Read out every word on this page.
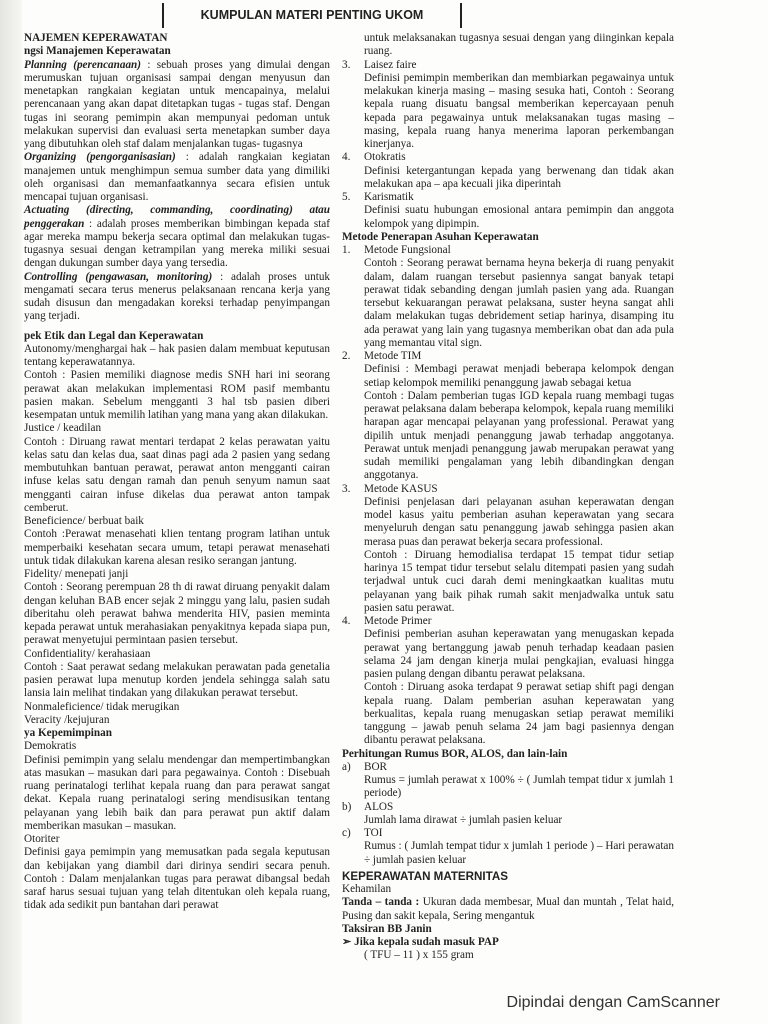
KUMPULAN MATERI PENTING UKOM

NAJEMEN KEPERAWATAN

ngsi Manajemen Keperawatan

Planning (perencanaan) : sebuah proses yang dimulai dengan merumuskan tujuan organisasi sampai dengan menyusun dan menetapkan rangkaian kegiatan untuk mencapainya, melalui perencanaan yang akan dapat ditetapkan tugas - tugas staf. Dengan tugas ini seorang pemimpin akan mempunyai pedoman untuk melakukan supervisi dan evaluasi serta menetapkan sumber daya yang dibutuhkan oleh staf dalam menjalankan tugas- tugasnya

Organizing (pengorganisasian) : adalah rangkaian kegiatan manajemen untuk menghimpun semua sumber data yang dimiliki oleh organisasi dan memanfaatkannya secara efisien untuk mencapai tujuan organisasi.

Actuating (directing, commanding, coordinating) atau penggerakan : adalah proses memberikan bimbingan kepada staf agar mereka mampu bekerja secara optimal dan melakukan tugas- tugasnya sesuai dengan ketrampilan yang mereka miliki sesuai dengan dukungan sumber daya yang tersedia.

Controlling (pengawasan, monitoring) : adalah proses untuk mengamati secara terus menerus pelaksanaan rencana kerja yang sudah disusun dan mengadakan koreksi terhadap penyimpangan yang terjadi.

pek Etik dan Legal dan Keperawatan

Autonomy/menghargai hak – hak pasien dalam membuat keputusan tentang keperawatannya.

Contoh : Pasien memiliki diagnose medis SNH hari ini seorang perawat akan melakukan implementasi ROM pasif membantu pasien makan. Sebelum mengganti 3 hal tsb pasien diberi kesempatan untuk memilih latihan yang mana yang akan dilakukan.

Justice / keadilan

Contoh : Diruang rawat mentari terdapat 2 kelas perawatan yaitu kelas satu dan kelas dua, saat dinas pagi ada 2 pasien yang sedang membutuhkan bantuan perawat, perawat anton mengganti cairan infuse kelas satu dengan ramah dan penuh senyum namun saat mengganti cairan infuse dikelas dua perawat anton tampak cemberut.

Beneficience/ berbuat baik

Contoh :Perawat menasehati klien tentang program latihan untuk memperbaiki kesehatan secara umum, tetapi perawat menasehati untuk tidak dilakukan karena alesan resiko serangan jantung.

Fidelity/ menepati janji

Contoh : Seorang perempuan 28 th di rawat diruang penyakit dalam dengan keluhan BAB encer sejak 2 minggu yang lalu, pasien sudah diberitahu oleh perawat bahwa menderita HIV, pasien meminta kepada perawat untuk merahasiakan penyakitnya kepada siapa pun, perawat menyetujui permintaan pasien tersebut.

Confidentiality/ kerahasiaan

Contoh : Saat perawat sedang melakukan perawatan pada genetalia pasien perawat lupa menutup korden jendela sehingga salah satu lansia lain melihat tindakan yang dilakukan perawat tersebut.

Nonmaleficience/ tidak merugikan

Veracity /kejujuran

ya Kepemimpinan

Demokratis

Definisi pemimpin yang selalu mendengar dan mempertimbangkan atas masukan – masukan dari para pegawainya. Contoh : Disebuah ruang perinatalogi terlihat kepala ruang dan para perawat sangat dekat. Kepala ruang perinatalogi sering mendisusikan tentang pelayanan yang lebih baik dan para perawat pun aktif dalam memberikan masukan – masukan.

Otoriter

Definisi gaya pemimpin yang memusatkan pada segala keputusan dan kebijakan yang diambil dari dirinya sendiri secara penuh. Contoh : Dalam menjalankan tugas para perawat dibangsal bedah saraf harus sesuai tujuan yang telah ditentukan oleh kepala ruang, tidak ada sedikit pun bantahan dari perawat

untuk melaksanakan tugasnya sesuai dengan yang diinginkan kepala ruang.

3. Laisez faire

Definisi pemimpin memberikan dan membiarkan pegawainya untuk melakukan kinerja masing – masing sesuka hati, Contoh : Seorang kepala ruang disuatu bangsal memberikan kepercayaan penuh kepada para pegawainya untuk melaksanakan tugas masing – masing, kepala ruang hanya menerima laporan perkembangan kinerjanya.

4. Otokratis

Definisi ketergantungan kepada yang berwenang dan tidak akan melakukan apa – apa kecuali jika diperintah

5. Karismatik

Definisi suatu hubungan emosional antara pemimpin dan anggota kelompok yang dipimpin.

Metode Penerapan Asuhan Keperawatan

1. Metode Fungsional

Contoh : Seorang perawat bernama heyna bekerja di ruang penyakit dalam, dalam ruangan tersebut pasiennya sangat banyak tetapi perawat tidak sebanding dengan jumlah pasien yang ada. Ruangan tersebut kekuarangan perawat pelaksana, suster heyna sangat ahli dalam melakukan tugas debridement setiap harinya, disamping itu ada perawat yang lain yang tugasnya memberikan obat dan ada pula yang memantau vital sign.

2. Metode TIM

Definisi : Membagi perawat menjadi beberapa kelompok dengan setiap kelompok memiliki penanggung jawab sebagai ketua

Contoh : Dalam pemberian tugas IGD kepala ruang membagi tugas perawat pelaksana dalam beberapa kelompok, kepala ruang memiliki harapan agar mencapai pelayanan yang professional. Perawat yang dipilih untuk menjadi penanggung jawab terhadap anggotanya. Perawat untuk menjadi penanggung jawab merupakan perawat yang sudah memiliki pengalaman yang lebih dibandingkan dengan anggotanya.

3. Metode KASUS

Definisi penjelasan dari pelayanan asuhan keperawatan dengan model kasus yaitu pemberian asuhan keperawatan yang secara menyeluruh dengan satu penanggung jawab sehingga pasien akan merasa puas dan perawat bekerja secara professional.

Contoh : Diruang hemodialisa terdapat 15 tempat tidur setiap harinya 15 tempat tidur tersebut selalu ditempati pasien yang sudah terjadwal untuk cuci darah demi meningkaatkan kualitas mutu pelayanan yang baik pihak rumah sakit menjadwalka untuk satu pasien satu perawat.

4. Metode Primer

Definisi pemberian asuhan keperawatan yang menugaskan kepada perawat yang bertanggung jawab penuh terhadap keadaan pasien selama 24 jam dengan kinerja mulai pengkajian, evaluasi hingga pasien pulang dengan dibantu perawat pelaksana.

Contoh : Diruang asoka terdapat 9 perawat setiap shift pagi dengan kepala ruang. Dalam pemberian asuhan keperawatan yang berkualitas, kepala ruang menugaskan setiap perawat memiliki tanggung – jawab penuh selama 24 jam bagi pasiennya dengan dibantu perawat pelaksana.

Perhitungan Rumus BOR, ALOS, dan lain-lain

a) BOR

Rumus = jumlah perawat x 100% ÷ ( Jumlah tempat tidur x jumlah 1 periode)

b) ALOS

Jumlah lama dirawat ÷ jumlah pasien keluar

c) TOI

Rumus : ( Jumlah tempat tidur x jumlah 1 periode ) – Hari perawatan ÷ jumlah pasien keluar

KEPERAWATAN MATERNITAS

Kehamilan

Tanda – tanda : Ukuran dada membesar, Mual dan muntah , Telat haid, Pusing dan sakit kepala, Sering mengantuk

Taksiran BB Janin

➢ Jika kepala sudah masuk PAP

( TFU – 11 ) x 155 gram

Dipindai dengan CamScanner
